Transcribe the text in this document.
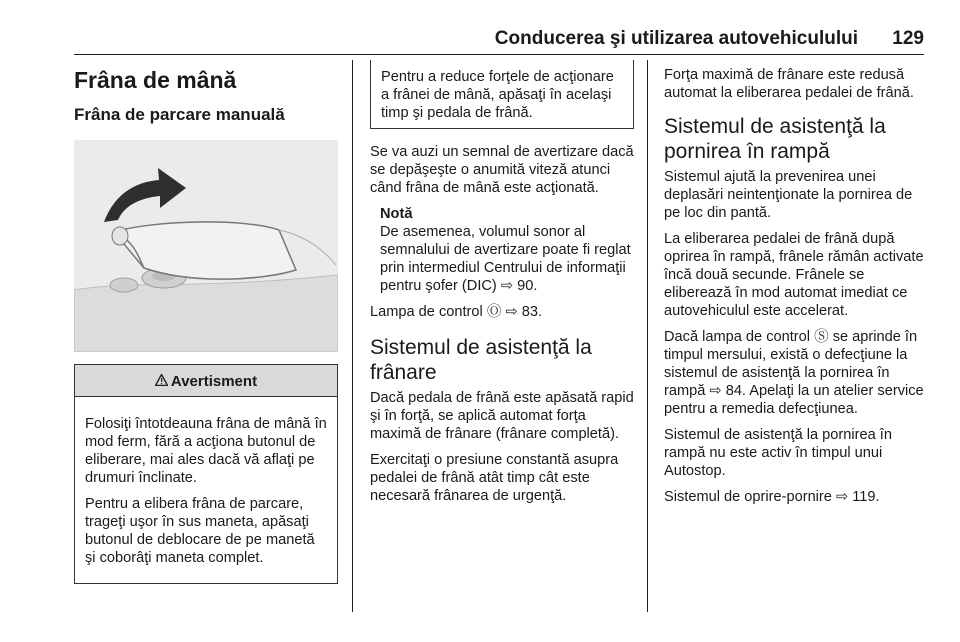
Conducerea şi utilizarea autovehiculului 129
Frâna de mână
Frâna de parcare manuală
Avertisment

Folosiţi întotdeauna frâna de mână în mod ferm, fără a acţiona butonul de eliberare, mai ales dacă vă aflaţi pe drumuri înclinate.

Pentru a elibera frâna de parcare, trageţi uşor în sus maneta, apăsaţi butonul de deblocare de pe manetă şi coborâţi maneta complet.

Pentru a reduce forţele de acţionare a frânei de mână, apăsaţi în acelaşi timp şi pedala de frână.

Se va auzi un semnal de avertizare dacă se depăşeşte o anumită viteză atunci când frâna de mână este acţionată.

Notă

De asemenea, volumul sonor al semnalului de avertizare poate fi reglat prin intermediul Centrului de informaţii pentru şofer (DIC) ⇨ 90.

Lampa de control Ⓞ ⇨ 83.

Sistemul de asistenţă la frânare

Dacă pedala de frână este apăsată rapid şi în forţă, se aplică automat forţa maximă de frânare (frânare completă).

Exercitaţi o presiune constantă asupra pedalei de frână atât timp cât este necesară frânarea de urgenţă.

Forţa maximă de frânare este redusă automat la eliberarea pedalei de frână.

Sistemul de asistenţă la pornirea în rampă

Sistemul ajută la prevenirea unei deplasări neintenţionate la pornirea de pe loc din pantă.

La eliberarea pedalei de frână după oprirea în rampă, frânele rămân activate încă două secunde. Frânele se eliberează în mod automat imediat ce autovehiculul este accelerat.

Dacă lampa de control Ⓢ se aprinde în timpul mersului, există o defecţiune la sistemul de asistenţă la pornirea în rampă ⇨ 84. Apelaţi la un atelier service pentru a remedia defecţiunea.

Sistemul de asistenţă la pornirea în rampă nu este activ în timpul unui Autostop.

Sistemul de oprire-pornire ⇨ 119.
